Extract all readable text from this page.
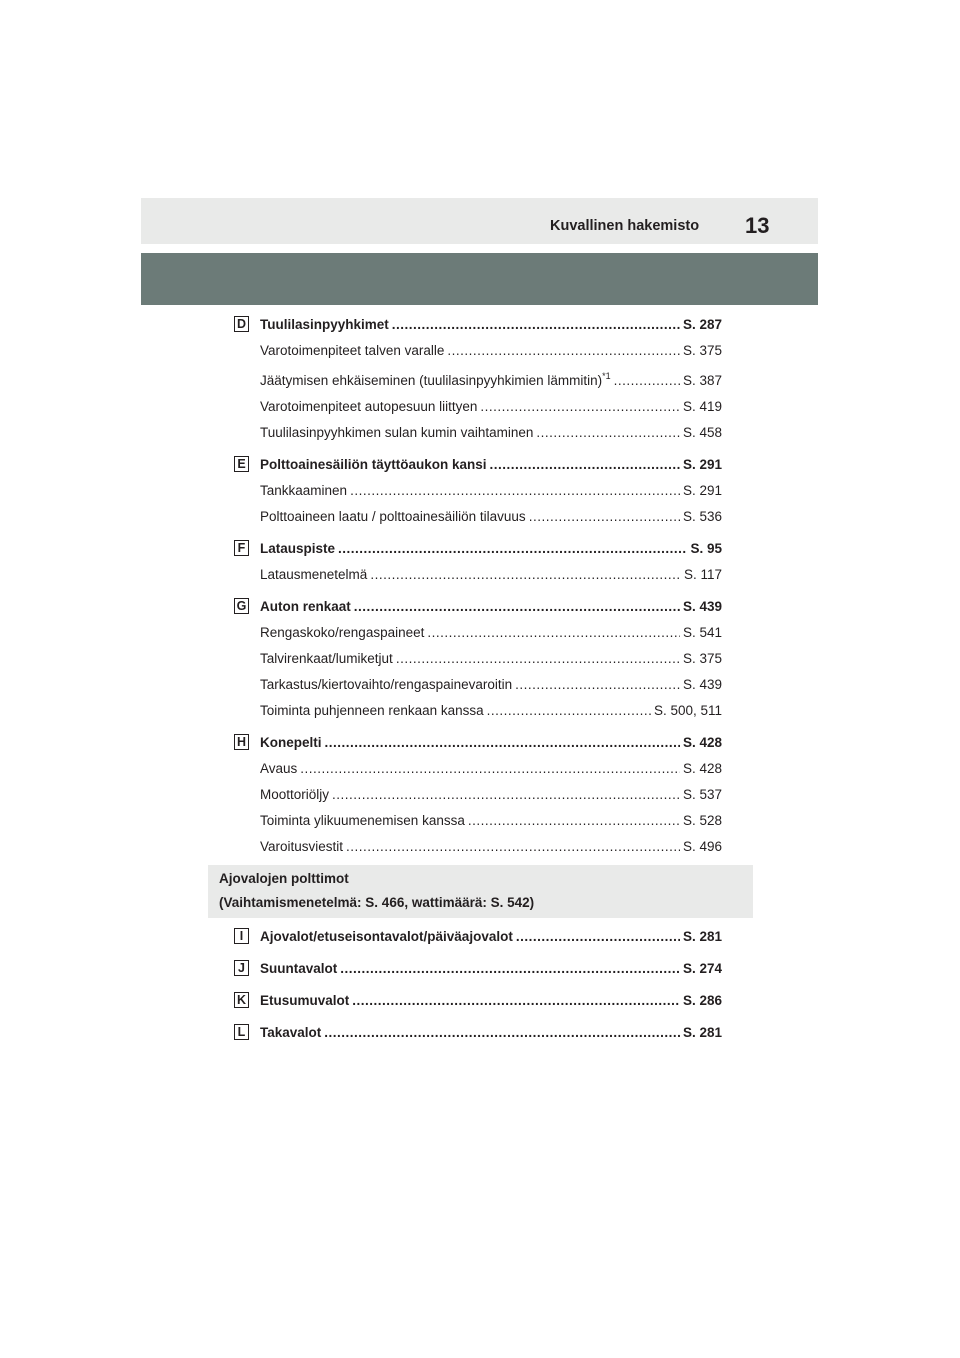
Kuvallinen hakemisto 13
D Tuulilasinpyyhkimet .....	S. 287
Varotoimenpiteet talven varalle .....	S. 375
Jäätymisen ehkäiseminen (tuulilasinpyyhkimien lämmitin)$^{*1}$ .....	S. 387
Varotoimenpiteet autopesuun liittyen .....	S. 419
Tuulilasinpyyhkimen sulan kumin vaihtaminen .....	S. 458
E Polttoainesäiliön täyttöaukon kansi .....	S. 291
Tankkaaminen .....	S. 291
Polttoaineen laatu / polttoainesäiliön tilavuus .....	S. 536
F Latauspiste .....	S. 95
Latausmenetelmä .....	S. 117
G Auton renkaat .....	S. 439
Rengaskoko/rengaspaineet .....	S. 541
Talvirenkaat/lumiketjut .....	S. 375
Tarkastus/kiertovaihto/rengaspainevaroitin .....	S. 439
Toiminta puhjenneen renkaan kanssa .....	S. 500, 511
H Konepelti .....	S. 428
Avaus .....	S. 428
Moottoriöljy .....	S. 537
Toiminta ylikuumenemisen kanssa .....	S. 528
Varoitusviestit .....	S. 496
Ajovalojen polttimot
(Vaihtamismenetelmä: S. 466, wattimäärä: S. 542)
I	Ajovalot/etuseisontavalot/päiväajovalot .....	S. 281
J Suuntavalot .....	S. 274
K Etusumuvalot .....	S. 286
L Takavalot .....	S. 281
